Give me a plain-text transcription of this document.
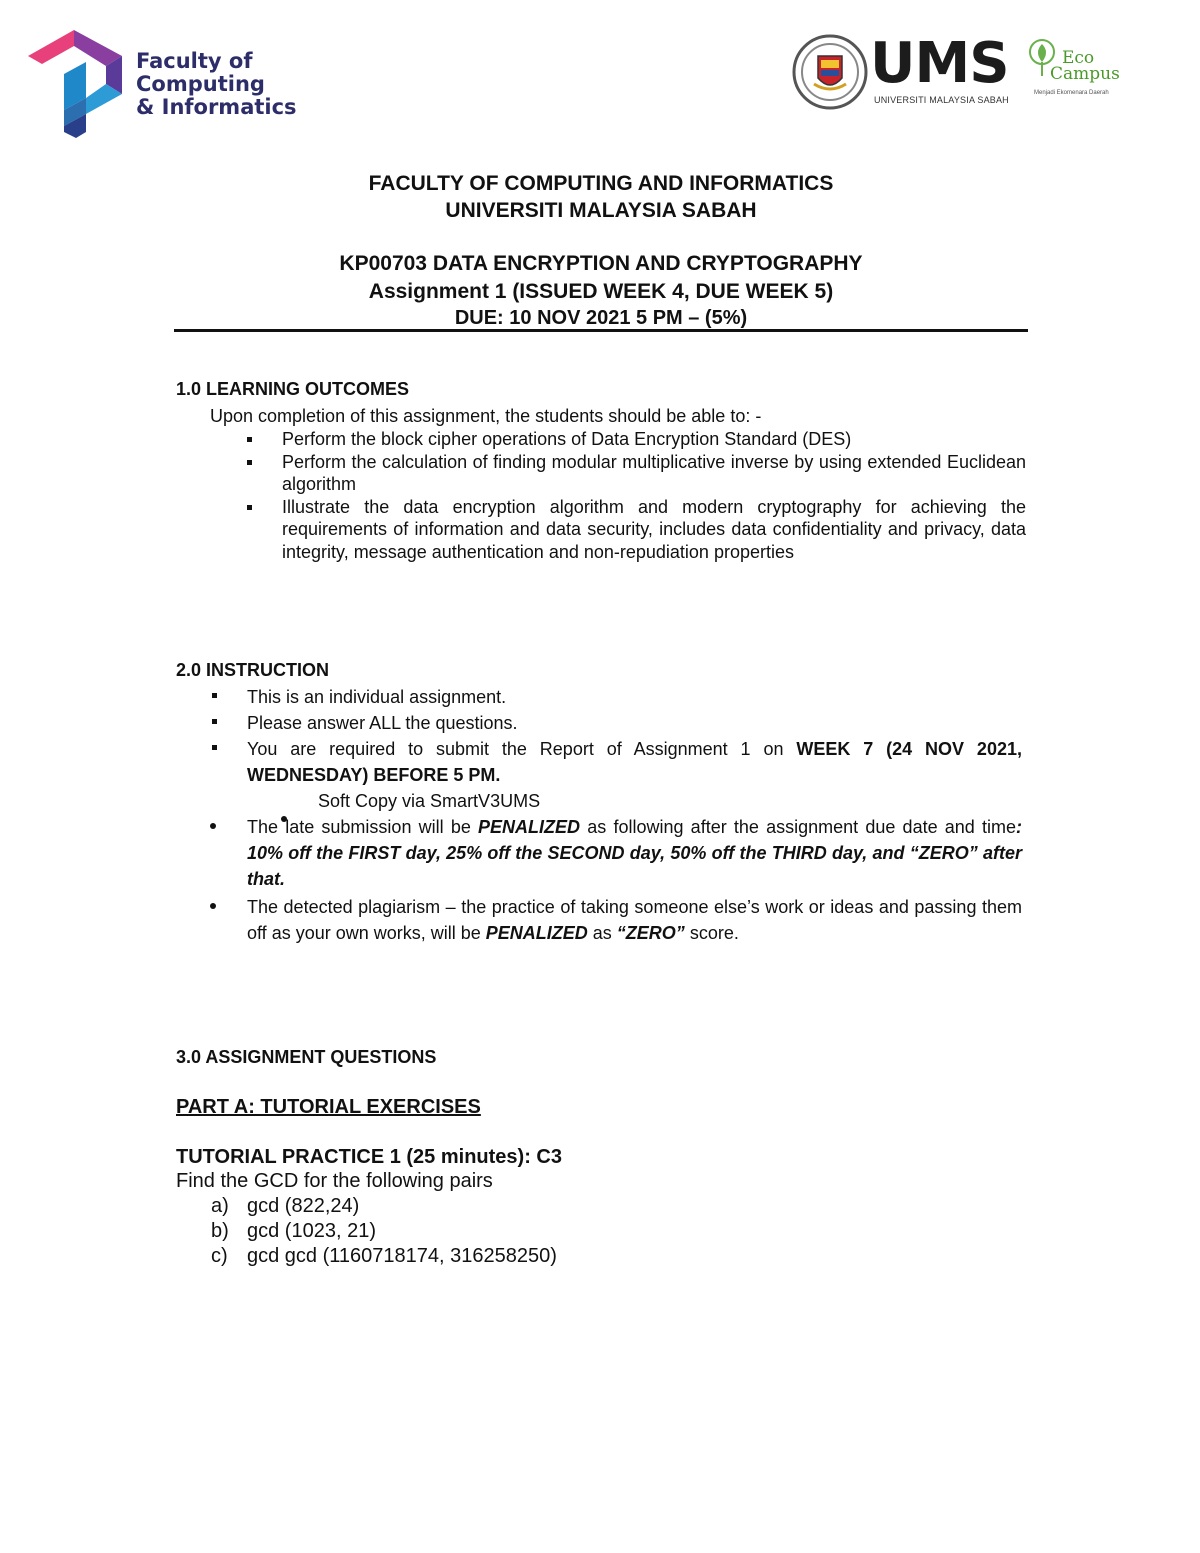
Faculty of
Computing
& Informatics
UMS
UNIVERSITI MALAYSIA SABAH
Eco
Campus
Menjadi Ekomenara Daerah
FACULTY OF COMPUTING AND INFORMATICS
UNIVERSITI MALAYSIA SABAH
KP00703 DATA ENCRYPTION AND CRYPTOGRAPHY
Assignment 1 (ISSUED WEEK 4, DUE WEEK 5)
DUE: 10 NOV 2021 5 PM – (5%)
1.0 LEARNING OUTCOMES
Upon completion of this assignment, the students should be able to: -
Perform the block cipher operations of Data Encryption Standard (DES)
Perform the calculation of finding modular multiplicative inverse by using extended Euclidean algorithm
Illustrate the data encryption algorithm and modern cryptography for achieving the requirements of information and data security, includes data confidentiality and privacy, data integrity, message authentication and non-repudiation properties
2.0 INSTRUCTION
This is an individual assignment.
Please answer ALL the questions.
You are required to submit the Report of Assignment 1 on WEEK 7 (24 NOV 2021, WEDNESDAY) BEFORE 5 PM.
Soft Copy via SmartV3UMS
The late submission will be PENALIZED as following after the assignment due date and time: 10% off the FIRST day, 25% off the SECOND day, 50% off the THIRD day, and “ZERO” after that.
The detected plagiarism – the practice of taking someone else’s work or ideas and passing them off as your own works, will be PENALIZED as “ZERO” score.
3.0 ASSIGNMENT QUESTIONS
PART A: TUTORIAL EXERCISES
TUTORIAL PRACTICE 1 (25 minutes): C3
Find the GCD for the following pairs
a) gcd (822,24)
b) gcd (1023, 21)
c) gcd gcd (1160718174, 316258250)
